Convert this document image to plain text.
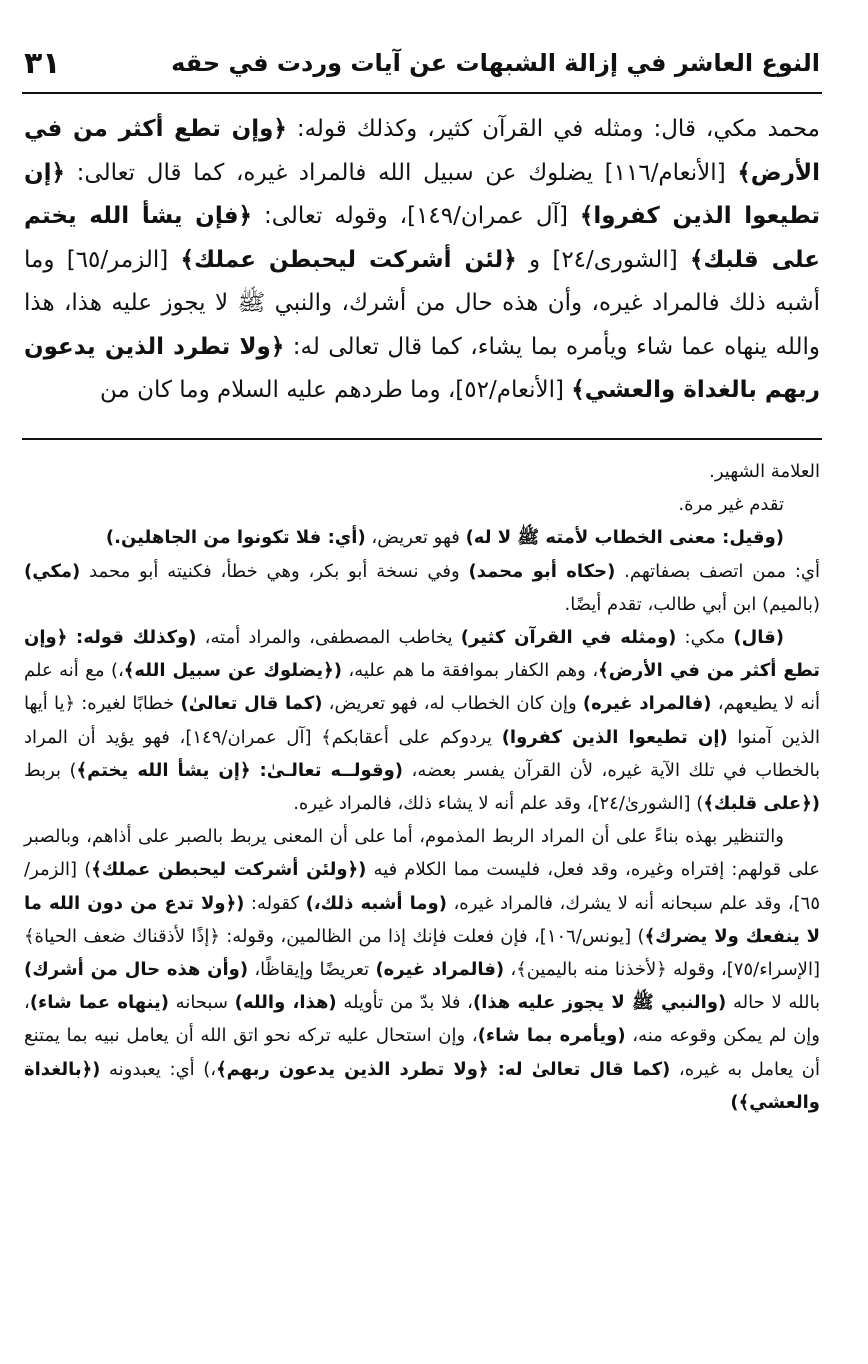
النوع العاشر في إزالة الشبهات عن آيات وردت في حقه
٣١

محمد مكي، قال: ومثله في القرآن كثير، وكذلك قوله: ﴿وإن تطع أكثر من في الأرض﴾ [الأنعام/١١٦] يضلوك عن سبيل الله فالمراد غيره، كما قال تعالى: ﴿إن تطيعوا الذين كفروا﴾ [آل عمران/١٤٩]، وقوله تعالى: ﴿فإن يشأ الله يختم على قلبك﴾ [الشورى/٢٤] و ﴿لئن أشركت ليحبطن عملك﴾ [الزمر/٦٥] وما أشبه ذلك فالمراد غيره، وأن هذه حال من أشرك، والنبي ﷺ لا يجوز عليه هذا، هذا والله ينهاه عما شاء ويأمره بما يشاء، كما قال تعالى له: ﴿ولا تطرد الذين يدعون ربهم بالغداة والعشي﴾ [الأنعام/٥٢]، وما طردهم عليه السلام وما كان من

العلامة الشهير.

تقدم غير مرة.

(وقيل: معنى الخطاب لأمته ﷺ لا له) فهو تعريض، (أي: فلا تكونوا من الجاهلين.)

أي: ممن اتصف بصفاتهم. (حكاه أبو محمد) وفي نسخة أبو بكر، وهي خطأ، فكنيته أبو محمد (مكي) (بالميم) ابن أبي طالب، تقدم أيضًا.

(قال) مكي: (ومثله في القرآن كثير) يخاطب المصطفى، والمراد أمته، (وكذلك قوله: ﴿وإن تطع أكثر من في الأرض﴾، وهم الكفار بموافقة ما هم عليه، (﴿يضلوك عن سبيل الله﴾،) مع أنه علم أنه لا يطيعهم، (فالمراد غيره) وإن كان الخطاب له، فهو تعريض، (كما قال تعالىٰ) خطابًا لغيره: ﴿يا أيها الذين آمنوا (إن تطيعوا الذين كفروا) يردوكم على أعقابكم﴾ [آل عمران/١٤٩]، فهو يؤيد أن المراد بالخطاب في تلك الآية غيره، لأن القرآن يفسر بعضه، (وقولــه تعالـىٰ: ﴿إن يشأ الله يختم﴾) بربط (﴿على قلبك﴾) [الشورىٰ/٢٤]، وقد علم أنه لا يشاء ذلك، فالمراد غيره.

والتنظير بهذه بناءً على أن المراد الربط المذموم، أما على أن المعنى يربط بالصبر على أذاهم، وبالصبر على قولهم: إفتراه وغيره، وقد فعل، فليست مما الكلام فيه (﴿ولئن أشركت ليحبطن عملك﴾) [الزمر/٦٥]، وقد علم سبحانه أنه لا يشرك، فالمراد غيره، (وما أشبه ذلك،) كقوله: (﴿ولا تدع من دون الله ما لا ينفعك ولا يضرك﴾) [يونس/١٠٦]، فإن فعلت فإنك إذا من الظالمين، وقوله: ﴿إذًا لأذقناك ضعف الحياة﴾ [الإسراء/٧٥]، وقوله ﴿لأخذنا منه باليمين﴾، (فالمراد غيره) تعريضًا وإيقاظًا، (وأن هذه حال من أشرك) بالله لا حاله (والنبي ﷺ لا يجوز عليه هذا)، فلا بدّ من تأويله (هذا، والله) سبحانه (ينهاه عما شاء)، وإن لم يمكن وقوعه منه، (ويأمره بما شاء)، وإن استحال عليه تركه نحو اتق الله أن يعامل نبيه بما يمتنع أن يعامل به غيره، (كما قال تعالىٰ له: ﴿ولا تطرد الذين يدعون ربهم﴾،) أي: يعبدونه (﴿بالغداة والعشي﴾)
